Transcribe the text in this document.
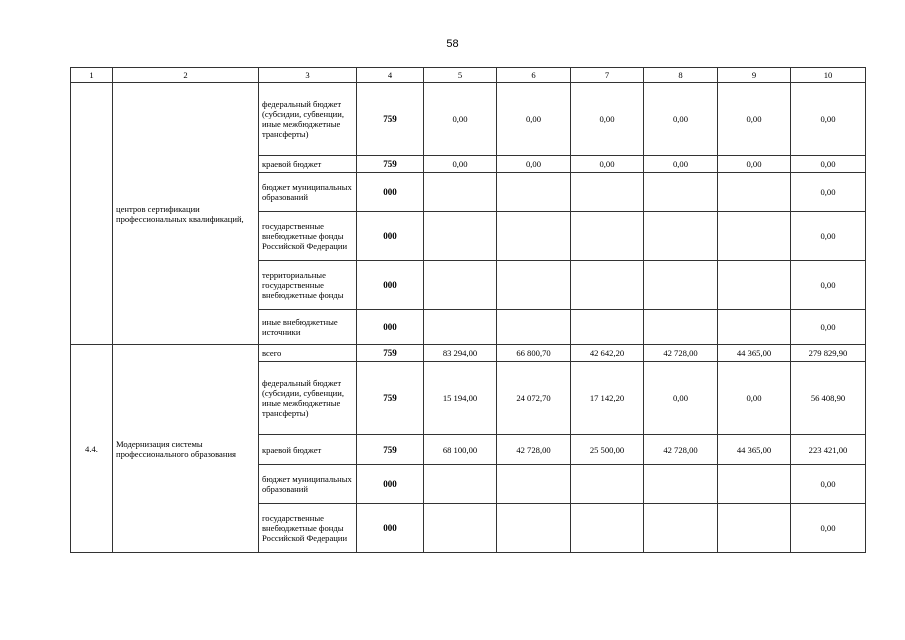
58
1	2	3	4	5	6	7	8	9	10
	центров сертификации профессиональных квалификаций,	федеральный бюджет (субсидии, субвенции, иные межбюджетные трансферты)	759	0,00	0,00	0,00	0,00	0,00	0,00
		краевой бюджет	759	0,00	0,00	0,00	0,00	0,00	0,00
		бюджет муниципальных образований	000						0,00
		государственные внебюджетные фонды Российской Федерации	000						0,00
		территориальные государственные внебюджетные фонды	000						0,00
		иные внебюджетные источники	000						0,00
4.4.	Модернизация системы профессионального образования	всего	759	83 294,00	66 800,70	42 642,20	42 728,00	44 365,00	279 829,90
		федеральный бюджет (субсидии, субвенции, иные межбюджетные трансферты)	759	15 194,00	24 072,70	17 142,20	0,00	0,00	56 408,90
		краевой бюджет	759	68 100,00	42 728,00	25 500,00	42 728,00	44 365,00	223 421,00
		бюджет муниципальных образований	000						0,00
		государственные внебюджетные фонды Российской Федерации	000						0,00
